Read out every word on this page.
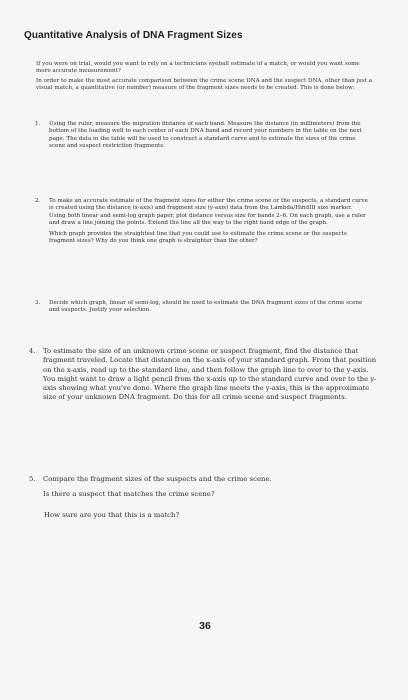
Quantitative Analysis of DNA Fragment Sizes
If you were on trial, would you want to rely on a technicians eyeball estimate of a match, or would you want some more accurate measurement?
In order to make the most accurate comparison between the crime scene DNA and the suspect DNA, other than just a visual match, a quantitative (or number) measure of the fragment sizes needs to be created. This is done below:
1.	Using the ruler, measure the migration distance of each band. Measure the distance (in millimeters) from the bottom of the loading well to each center of each DNA band and record your numbers in the table on the next page. The data in the table will be used to construct a standard curve and to estimate the sizes of the crime scene and suspect restriction fragments.

2.	To make an accurate estimate of the fragment sizes for either the crime scene or the suspects, a standard curve is created using the distance (x-axis) and fragment size (y-axis) data from the Lambda/HindIII size marker. Using both linear and semi-log graph paper, plot distance versus size for bands 2–6. On each graph, use a ruler and draw a line joining the points. Extend the line all the way to the right hand edge of the graph.

Which graph provides the straightest line that you could use to estimate the crime scene or the suspects fragment sizes? Why do you think one graph is straighter than the other?

3.	Decide which graph, linear of semi-log, should be used to estimate the DNA fragment sizes of the crime scene and suspects. Justify your selection.

4.	To estimate the size of an unknown crime scene or suspect fragment, find the distance that fragment traveled. Locate that distance on the x-axis of your standard graph. From that position on the x-axis, read up to the standard line, and then follow the graph line to over to the y-axis. You might want to draw a light pencil from the x-axis up to the standard curve and over to the y-axis showing what you've done. Where the graph line meets the y-axis, this is the approximate size of your unknown DNA fragment. Do this for all crime scene and suspect fragments.

5.	Compare the fragment sizes of the suspects and the crime scene.

Is there a suspect that matches the crime scene?

How sure are you that this is a match?
36
